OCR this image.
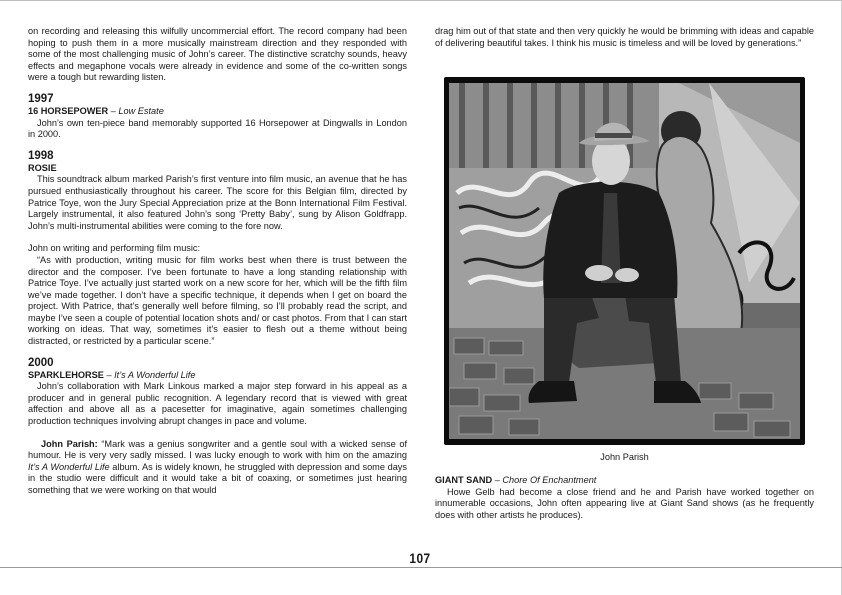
on recording and releasing this wilfully uncommercial effort. The record company had been hoping to push them in a more musically mainstream direction and they responded with some of the most challenging music of John’s career. The distinctive scratchy sounds, heavy effects and megaphone vocals were already in evidence and some of the co-written songs were a tough but rewarding listen.

1997

16 HORSEPOWER – Low Estate

John’s own ten-piece band memorably supported 16 Horsepower at Dingwalls in London in 2000.

1998

ROSIE

This soundtrack album marked Parish’s first venture into film music, an avenue that he has pursued enthusiastically throughout his career. The score for this Belgian film, directed by Patrice Toye, won the Jury Special Appreciation prize at the Bonn International Film Festival. Largely instrumental, it also featured John’s song ‘Pretty Baby’, sung by Alison Goldfrapp. John’s multi-instrumental abilities were coming to the fore now.

John on writing and performing film music:

“As with production, writing music for film works best when there is trust between the director and the composer. I’ve been fortunate to have a long standing relationship with Patrice Toye. I’ve actually just started work on a new score for her, which will be the fifth film we’ve made together. I don’t have a specific technique, it depends when I get on board the project. With Patrice, that’s generally well before filming, so I’ll probably read the script, and maybe I’ve seen a couple of potential location shots and/ or cast photos. From that I can start working on ideas. That way, sometimes it’s easier to flesh out a theme without being distracted, or restricted by a particular scene.”

2000

SPARKLEHORSE – It’s A Wonderful Life

John’s collaboration with Mark Linkous marked a major step forward in his appeal as a producer and in general public recognition. A legendary record that is viewed with great affection and above all as a pacesetter for imaginative, again sometimes challenging production techniques involving abrupt changes in pace and volume.

John Parish: “Mark was a genius songwriter and a gentle soul with a wicked sense of humour. He is very very sadly missed. I was lucky enough to work with him on the amazing It’s A Wonderful Life album. As is widely known, he struggled with depression and some days in the studio were difficult and it would take a bit of coaxing, or sometimes just hearing something that we were working on that would

drag him out of that state and then very quickly he would be brimming with ideas and capable of delivering beautiful takes. I think his music is timeless and will be loved by generations.”

John Parish

GIANT SAND – Chore Of Enchantment

Howe Gelb had become a close friend and he and Parish have worked together on innumerable occasions, John often appearing live at Giant Sand shows (as he frequently does with other artists he produces).

107
